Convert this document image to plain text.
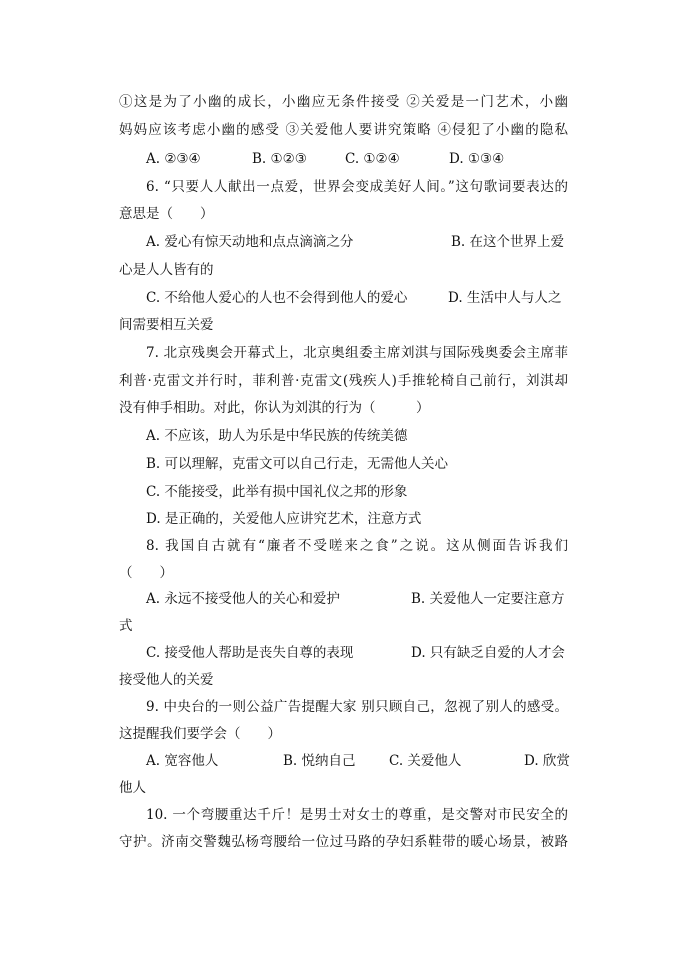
①这是为了小幽的成长，小幽应无条件接受 ②关爱是一门艺术，小幽
妈妈应该考虑小幽的感受 ③关爱他人要讲究策略 ④侵犯了小幽的隐私
A. ②③④	B. ①②③	C. ①②④	D. ①③④
6. “只要人人献出一点爱，世界会变成美好人间。”这句歌词要表达的
意思是（　　）
A. 爱心有惊天动地和点点滴滴之分	B. 在这个世界上爱
心是人人皆有的
C. 不给他人爱心的人也不会得到他人的爱心	D. 生活中人与人之
间需要相互关爱
7. 北京残奥会开幕式上，北京奥组委主席刘淇与国际残奥委会主席菲
利普·克雷文并行时，菲利普·克雷文(残疾人)手推轮椅自己前行，刘淇却
没有伸手相助。对此，你认为刘淇的行为（　　　）
A. 不应该，助人为乐是中华民族的传统美德
B. 可以理解，克雷文可以自己行走，无需他人关心
C. 不能接受，此举有损中国礼仪之邦的形象
D. 是正确的，关爱他人应讲究艺术，注意方式
8. 我国自古就有“廉者不受嗟来之食”之说。这从侧面告诉我们
（　　）
A. 永远不接受他人的关心和爱护	B. 关爱他人一定要注意方
式
C. 接受他人帮助是丧失自尊的表现	D. 只有缺乏自爱的人才会
接受他人的关爱
9. 中央台的一则公益广告提醒大家 别只顾自己，忽视了别人的感受。
这提醒我们要学会（　　）
A. 宽容他人	B. 悦纳自己 C. 关爱他人	D. 欣赏
他人
10. 一个弯腰重达千斤！是男士对女士的尊重，是交警对市民安全的
守护。济南交警魏弘杨弯腰给一位过马路的孕妇系鞋带的暖心场景，被路
